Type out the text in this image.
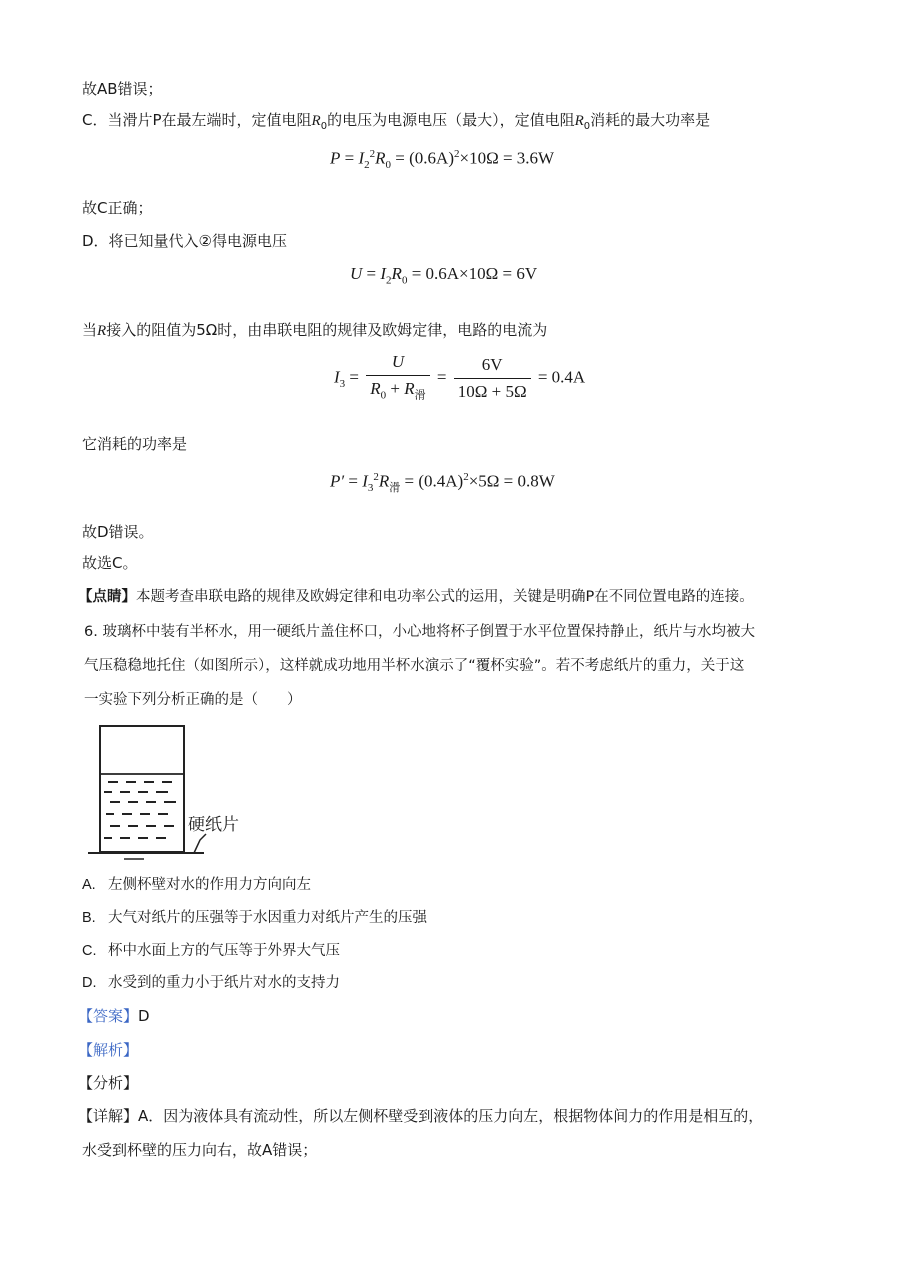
故AB错误；
C．当滑片P在最左端时，定值电阻$R_0$的电压为电源电压（最大），定值电阻$R_0$消耗的最大功率是
$P = I_2^2R_0 = (0.6A)^2\times 10\Omega = 3.6W$
故C正确；
D．将已知量代入②得电源电压
$U = I_2R_0 = 0.6A\times 10\Omega = 6V$
当R接入的阻值为5Ω时，由串联电阻的规律及欧姆定律，电路的电流为
$I_3 = \frac{U}{R_0 + R_滑} = \frac{6V}{10\Omega + 5\Omega} = 0.4A$
它消耗的功率是
$P' = I_3^2R_滑 = (0.4A)^2\times 5\Omega = 0.8W$
故D错误。
故选C。
【点睛】本题考查串联电路的规律及欧姆定律和电功率公式的运用，关键是明确P在不同位置电路的连接。
6. 玻璃杯中装有半杯水，用一硬纸片盖住杯口，小心地将杯子倒置于水平位置保持静止，纸片与水均被大
气压稳稳地托住（如图所示），这样就成功地用半杯水演示了“覆杯实验”。若不考虑纸片的重力，关于这
一实验下列分析正确的是（　　）
硬纸片
A. 左侧杯壁对水的作用力方向向左
B. 大气对纸片的压强等于水因重力对纸片产生的压强
C. 杯中水面上方的气压等于外界大气压
D. 水受到的重力小于纸片对水的支持力
【答案】D
【解析】
【分析】
【详解】A．因为液体具有流动性，所以左侧杯壁受到液体的压力向左，根据物体间力的作用是相互的，
水受到杯壁的压力向右，故A错误；
